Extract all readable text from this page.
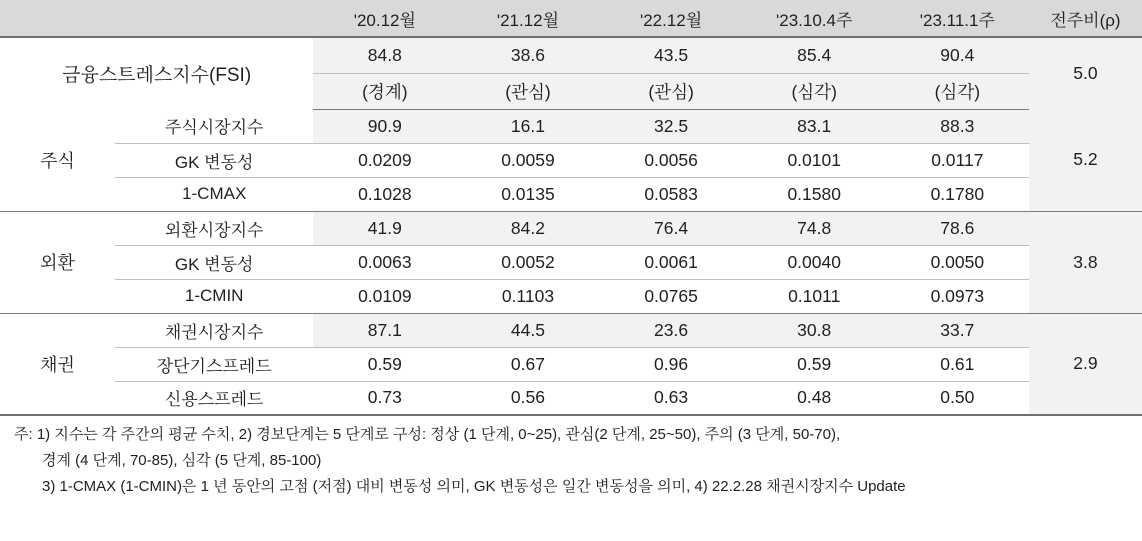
		'20.12월	'21.12월	'22.12월	'23.10.4주	'23.11.1주	전주비(ρ)
금융스트레스지수(FSI)		84.8	38.6	43.5	85.4	90.4	5.0
		(경계)	(관심)	(관심)	(심각)	(심각)	
주식	주식시장지수	90.9	16.1	32.5	83.1	88.3	5.2
	GK 변동성	0.0209	0.0059	0.0056	0.0101	0.0117	
	1-CMAX	0.1028	0.0135	0.0583	0.1580	0.1780	
외환	외환시장지수	41.9	84.2	76.4	74.8	78.6	3.8
	GK 변동성	0.0063	0.0052	0.0061	0.0040	0.0050	
	1-CMIN	0.0109	0.1103	0.0765	0.1011	0.0973	
채권	채권시장지수	87.1	44.5	23.6	30.8	33.7	2.9
	장단기스프레드	0.59	0.67	0.96	0.59	0.61	
	신용스프레드	0.73	0.56	0.63	0.48	0.50	
주: 1) 지수는 각 주간의 평균 수치, 2) 경보단계는 5 단계로 구성: 정상 (1 단계, 0~25), 관심(2 단계, 25~50), 주의 (3 단계, 50-70),
경계 (4 단계, 70-85), 심각 (5 단계, 85-100)
3) 1-CMAX (1-CMIN)은 1 년 동안의 고점 (저점) 대비 변동성 의미, GK 변동성은 일간 변동성을 의미, 4) 22.2.28 채권시장지수 Update
